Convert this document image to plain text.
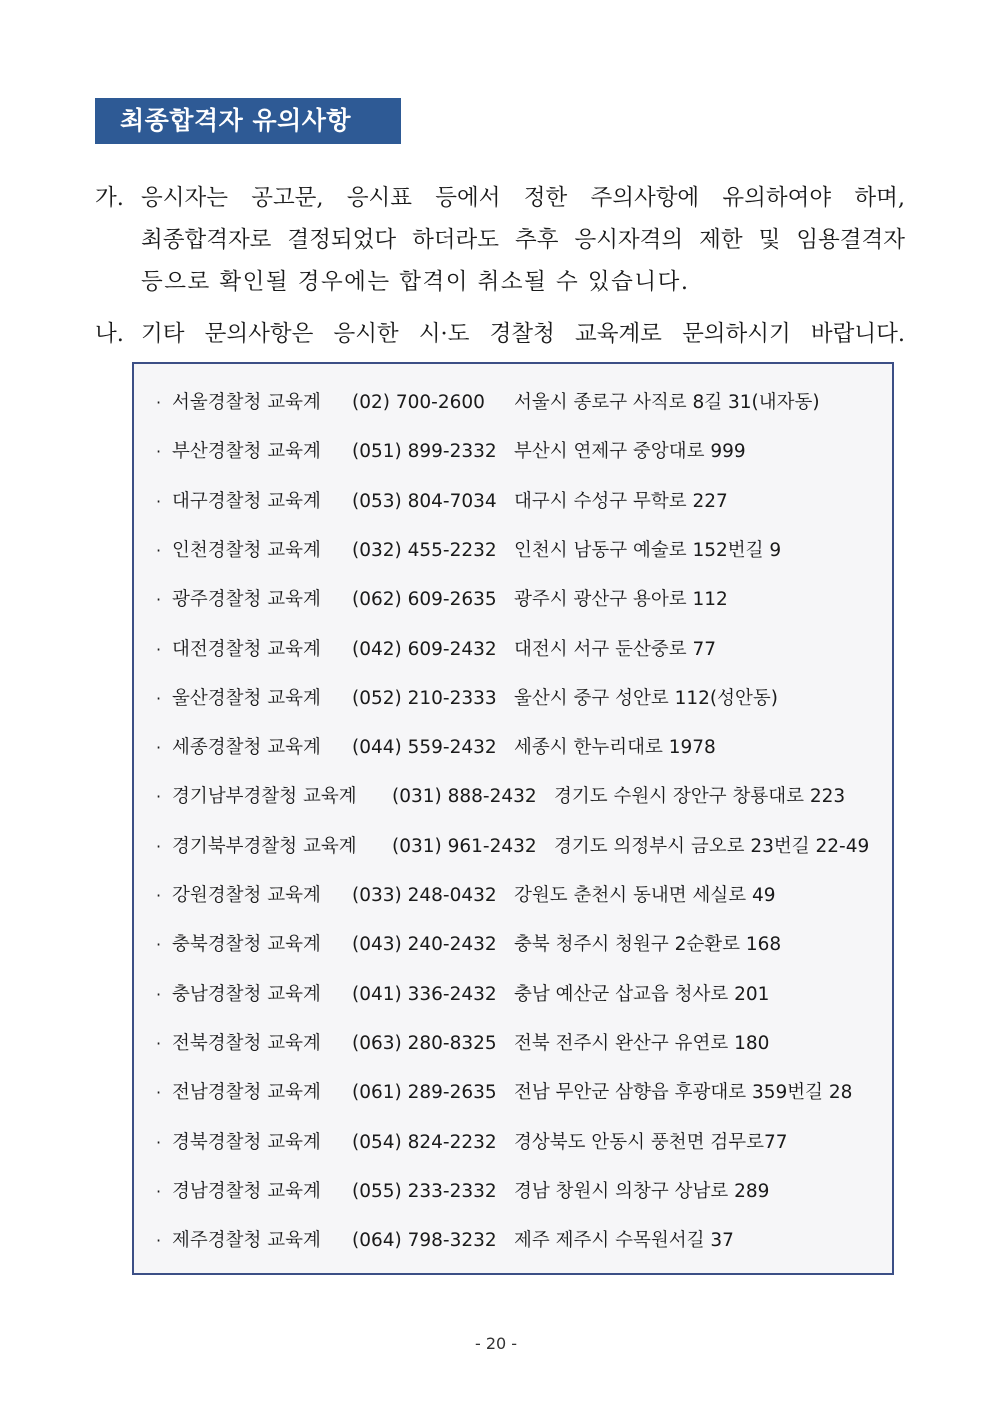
최종합격자 유의사항
가. 응시자는 공고문, 응시표 등에서 정한 주의사항에 유의하여야 하며,
최종합격자로 결정되었다 하더라도 추후 응시자격의 제한 및 임용결격자
등으로 확인될 경우에는 합격이 취소될 수 있습니다.
나. 기타 문의사항은 응시한 시·도 경찰청 교육계로 문의하시기 바랍니다.
· 서울경찰청 교육계 (02) 700-2600 서울시 종로구 사직로 8길 31(내자동)
· 부산경찰청 교육계 (051) 899-2332 부산시 연제구 중앙대로 999
· 대구경찰청 교육계 (053) 804-7034 대구시 수성구 무학로 227
· 인천경찰청 교육계 (032) 455-2232 인천시 남동구 예술로 152번길 9
· 광주경찰청 교육계 (062) 609-2635 광주시 광산구 용아로 112
· 대전경찰청 교육계 (042) 609-2432 대전시 서구 둔산중로 77
· 울산경찰청 교육계 (052) 210-2333 울산시 중구 성안로 112(성안동)
· 세종경찰청 교육계 (044) 559-2432 세종시 한누리대로 1978
· 경기남부경찰청 교육계 (031) 888-2432 경기도 수원시 장안구 창룡대로 223
· 경기북부경찰청 교육계 (031) 961-2432 경기도 의정부시 금오로 23번길 22-49
· 강원경찰청 교육계 (033) 248-0432 강원도 춘천시 동내면 세실로 49
· 충북경찰청 교육계 (043) 240-2432 충북 청주시 청원구 2순환로 168
· 충남경찰청 교육계 (041) 336-2432 충남 예산군 삽교읍 청사로 201
· 전북경찰청 교육계 (063) 280-8325 전북 전주시 완산구 유연로 180
· 전남경찰청 교육계 (061) 289-2635 전남 무안군 삼향읍 후광대로 359번길 28
· 경북경찰청 교육계 (054) 824-2232 경상북도 안동시 풍천면 검무로77
· 경남경찰청 교육계 (055) 233-2332 경남 창원시 의창구 상남로 289
· 제주경찰청 교육계 (064) 798-3232 제주 제주시 수목원서길 37
- 20 -
